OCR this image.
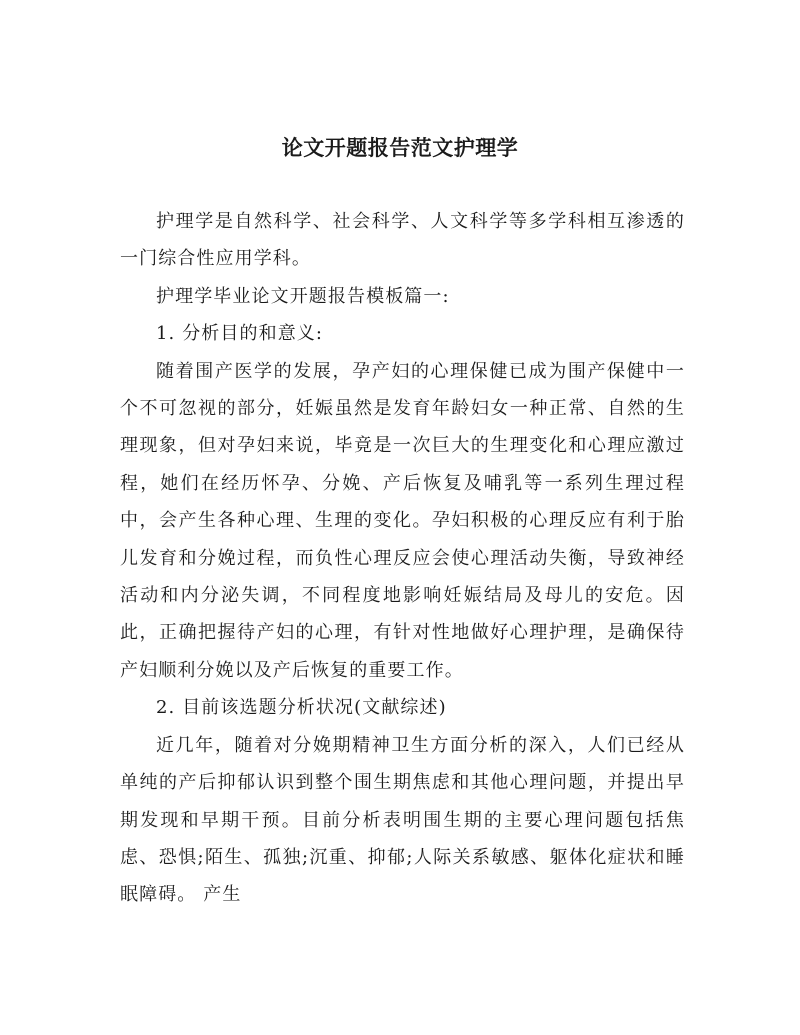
论文开题报告范文护理学

护理学是自然科学、社会科学、人文科学等多学科相互渗透的一门综合性应用学科。

护理学毕业论文开题报告模板篇一:

1. 分析目的和意义:

随着围产医学的发展，孕产妇的心理保健已成为围产保健中一个不可忽视的部分，妊娠虽然是发育年龄妇女一种正常、自然的生理现象，但对孕妇来说，毕竟是一次巨大的生理变化和心理应激过程，她们在经历怀孕、分娩、产后恢复及哺乳等一系列生理过程中，会产生各种心理、生理的变化。孕妇积极的心理反应有利于胎儿发育和分娩过程，而负性心理反应会使心理活动失衡，导致神经活动和内分泌失调，不同程度地影响妊娠结局及母儿的安危。因此，正确把握待产妇的心理，有针对性地做好心理护理，是确保待产妇顺利分娩以及产后恢复的重要工作。

2. 目前该选题分析状况(文献综述)

近几年，随着对分娩期精神卫生方面分析的深入，人们已经从单纯的产后抑郁认识到整个围生期焦虑和其他心理问题，并提出早期发现和早期干预。目前分析表明围生期的主要心理问题包括焦虑、恐惧;陌生、孤独;沉重、抑郁;人际关系敏感、躯体化症状和睡眠障碍。 产生
